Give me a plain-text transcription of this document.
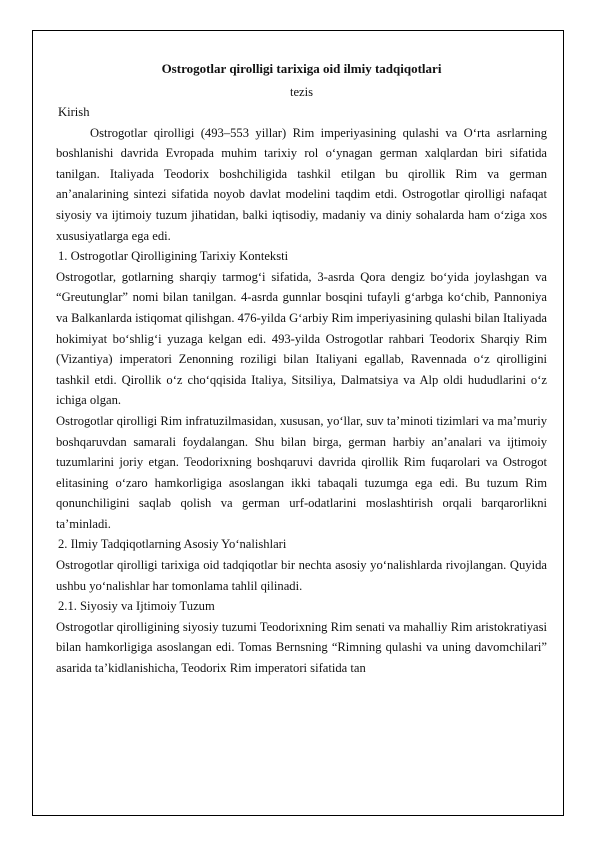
Ostrogotlar qirolligi tarixiga oid ilmiy tadqiqotlari

tezis

Kirish

Ostrogotlar qirolligi (493–553 yillar) Rim imperiyasining qulashi va O‘rta asrlarning boshlanishi davrida Evropada muhim tarixiy rol o‘ynagan german xalqlardan biri sifatida tanilgan. Italiyada Teodorix boshchiligida tashkil etilgan bu qirollik Rim va german an’analarining sintezi sifatida noyob davlat modelini taqdim etdi. Ostrogotlar qirolligi nafaqat siyosiy va ijtimoiy tuzum jihatidan, balki iqtisodiy, madaniy va diniy sohalarda ham o‘ziga xos xususiyatlarga ega edi.

1. Ostrogotlar Qirolligining Tarixiy Konteksti

Ostrogotlar, gotlarning sharqiy tarmog‘i sifatida, 3-asrda Qora dengiz bo‘yida joylashgan va “Greutunglar” nomi bilan tanilgan. 4-asrda gunnlar bosqini tufayli g‘arbga ko‘chib, Pannoniya va Balkanlarda istiqomat qilishgan. 476-yilda G‘arbiy Rim imperiyasining qulashi bilan Italiyada hokimiyat bo‘shlig‘i yuzaga kelgan edi. 493-yilda Ostrogotlar rahbari Teodorix Sharqiy Rim (Vizantiya) imperatori Zenonning roziligi bilan Italiyani egallab, Ravennada o‘z qirolligini tashkil etdi. Qirollik o‘z cho‘qqisida Italiya, Sitsiliya, Dalmatsiya va Alp oldi hududlarini o‘z ichiga olgan.

Ostrogotlar qirolligi Rim infratuzilmasidan, xususan, yo‘llar, suv ta’minoti tizimlari va ma’muriy boshqaruvdan samarali foydalangan. Shu bilan birga, german harbiy an’analari va ijtimoiy tuzumlarini joriy etgan. Teodorixning boshqaruvi davrida qirollik Rim fuqarolari va Ostrogot elitasining o‘zaro hamkorligiga asoslangan ikki tabaqali tuzumga ega edi. Bu tuzum Rim qonunchiligini saqlab qolish va german urf-odatlarini moslashtirish orqali barqarorlikni ta’minladi.

2. Ilmiy Tadqiqotlarning Asosiy Yo‘nalishlari

Ostrogotlar qirolligi tarixiga oid tadqiqotlar bir nechta asosiy yo‘nalishlarda rivojlangan. Quyida ushbu yo‘nalishlar har tomonlama tahlil qilinadi.

2.1. Siyosiy va Ijtimoiy Tuzum

Ostrogotlar qirolligining siyosiy tuzumi Teodorixning Rim senati va mahalliy Rim aristokratiyasi bilan hamkorligiga asoslangan edi. Tomas Bernsning “Rimning qulashi va uning davomchilari” asarida ta’kidlanishicha, Teodorix Rim imperatori sifatida tan
